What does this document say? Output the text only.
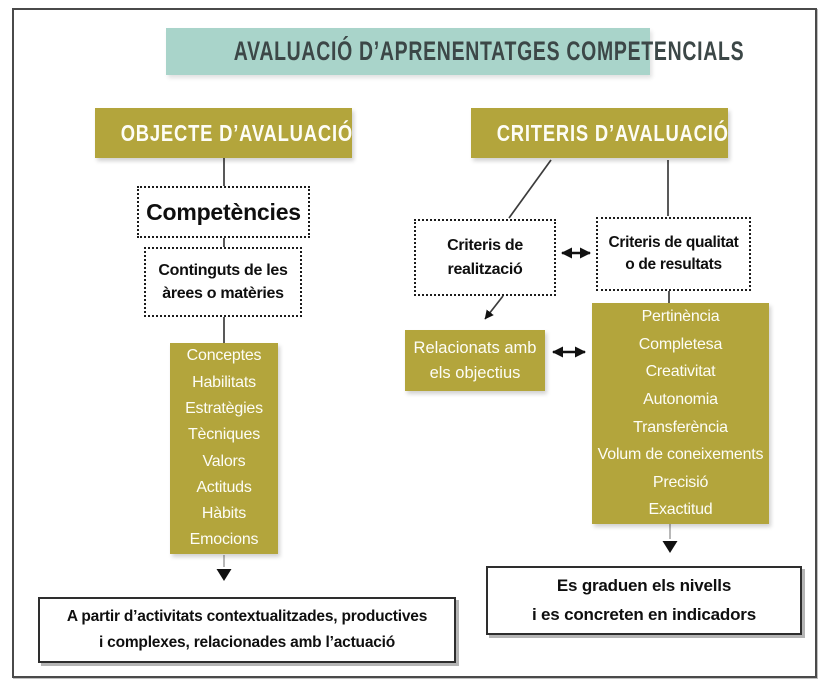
AVALUACIÓ D’APRENENTATGES COMPETENCIALS
OBJECTE D’AVALUACIÓ
Competències
Continguts de les
àrees o matèries
Conceptes
Habilitats
Estratègies
Tècniques
Valors
Actituds
Hàbits
Emocions
A partir d’activitats contextualitzades, productives
i complexes, relacionades amb l’actuació
CRITERIS D’AVALUACIÓ
Criteris de
realització
Criteris de qualitat
o de resultats
Relacionats amb
els objectius
Pertinència
Completesa
Creativitat
Autonomia
Transferència
Volum de coneixements
Precisió
Exactitud
Es graduen els nivells
i es concreten en indicadors
